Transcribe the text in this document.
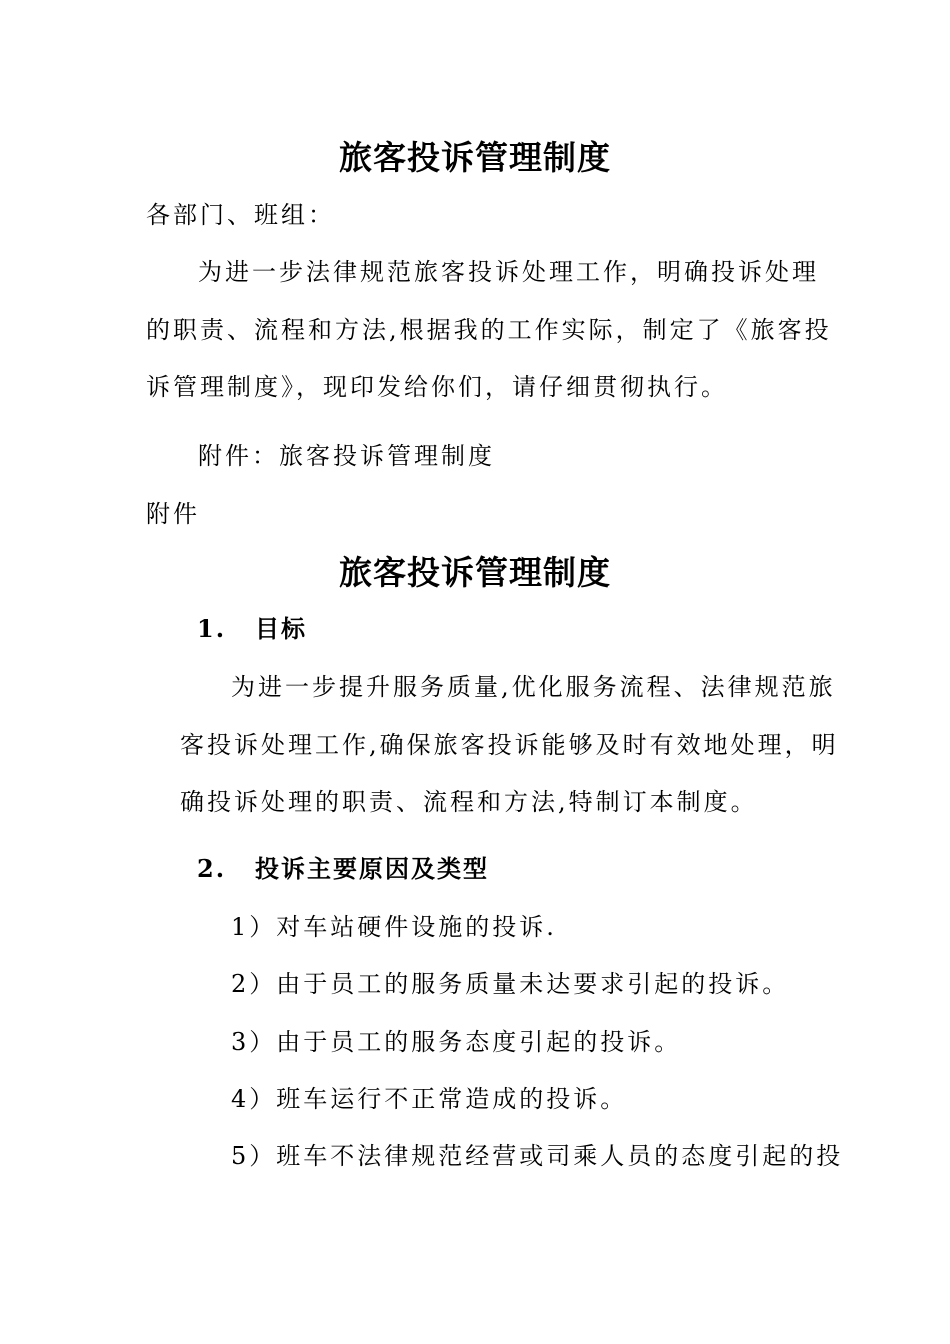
旅客投诉管理制度
各部门、班组：
为进一步法律规范旅客投诉处理工作，明确投诉处理
的职责、流程和方法,根据我的工作实际，制定了《旅客投
诉管理制度》，现印发给你们，请仔细贯彻执行。
附件：旅客投诉管理制度
附件
旅客投诉管理制度
1. 目标
为进一步提升服务质量,优化服务流程、法律规范旅
客投诉处理工作,确保旅客投诉能够及时有效地处理，明
确投诉处理的职责、流程和方法,特制订本制度。
2. 投诉主要原因及类型
1）对车站硬件设施的投诉.
2）由于员工的服务质量未达要求引起的投诉。
3）由于员工的服务态度引起的投诉。
4）班车运行不正常造成的投诉。
5）班车不法律规范经营或司乘人员的态度引起的投
